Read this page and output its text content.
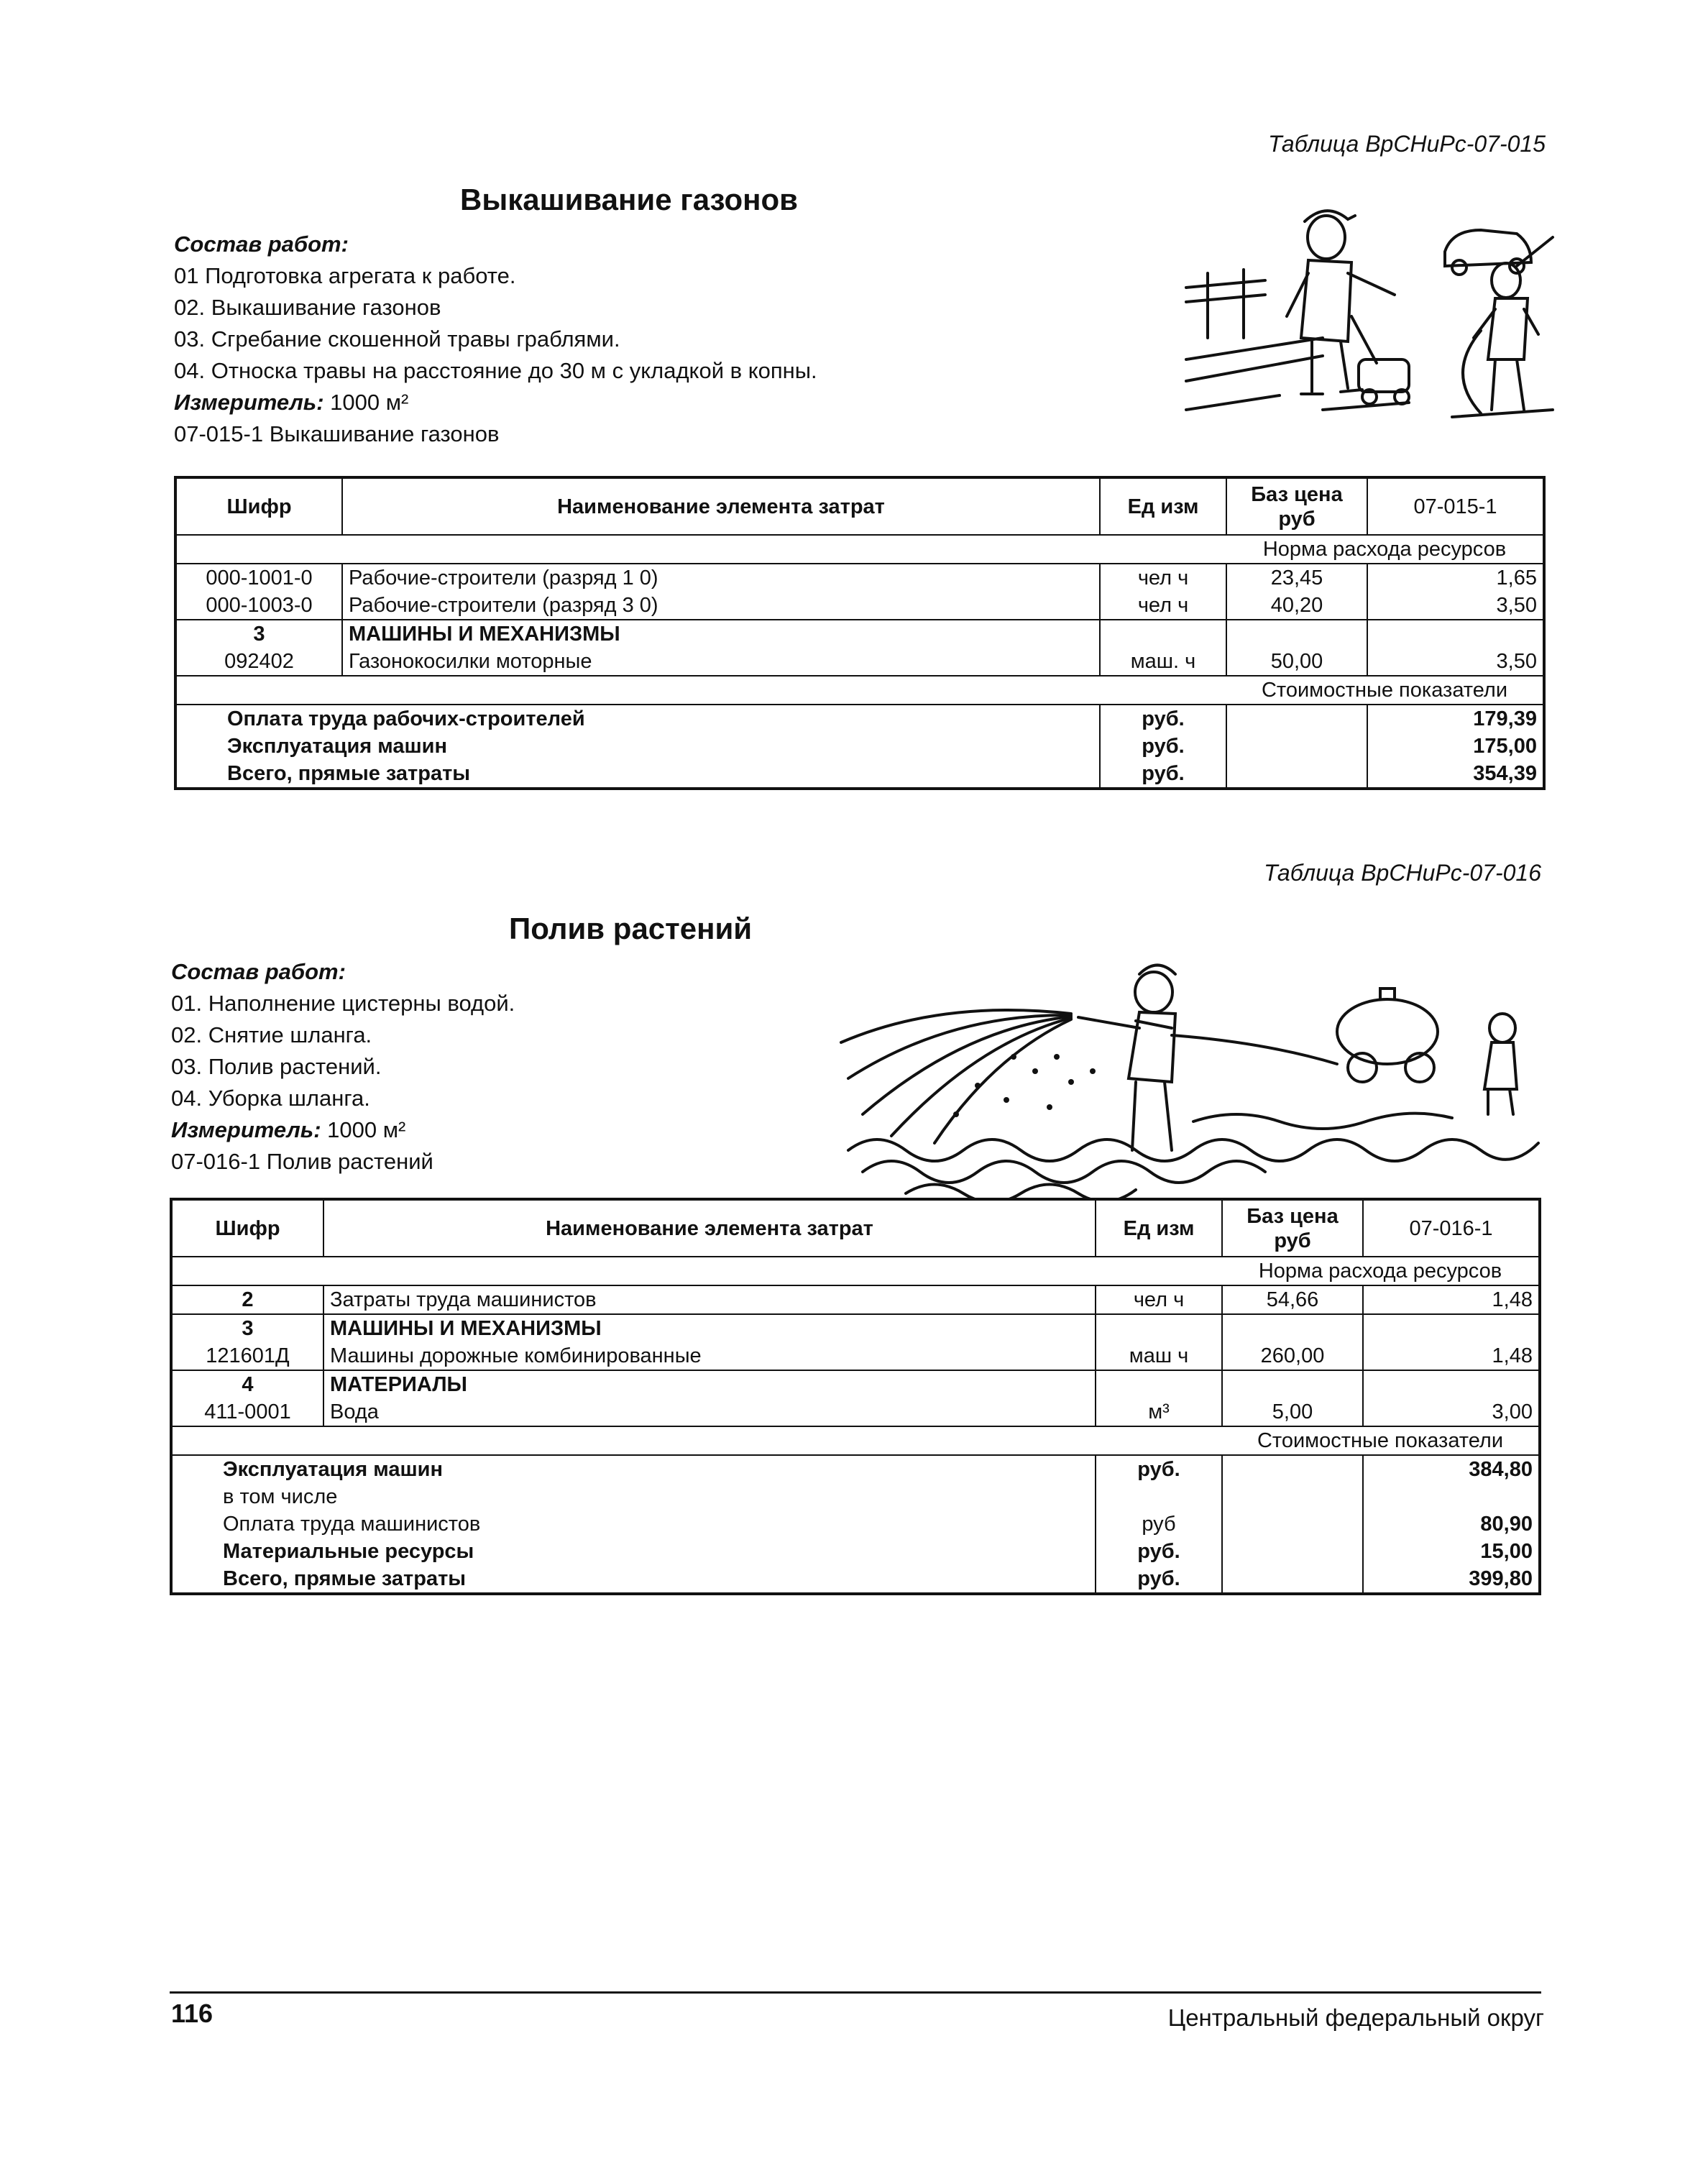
Таблица ВрСНиРс-07-015
Выкашивание газонов
Состав работ:
01 Подготовка агрегата к работе.
02. Выкашивание газонов
03. Сгребание скошенной травы граблями.
04. Относка травы на расстояние до 30 м с укладкой в копны.
Измеритель: 1000 м²
07-015-1 Выкашивание газонов
Шифр	Наименование элемента затрат	Ед изм	Баз цена руб	07-015-1
			Норма расхода ресурсов	
000-1001-0	Рабочие-строители (разряд 1 0)	чел ч	23,45	1,65
000-1003-0	Рабочие-строители (разряд 3 0)	чел ч	40,20	3,50
3	МАШИНЫ И МЕХАНИЗМЫ			
092402	Газонокосилки моторные	маш. ч	50,00	3,50
			Стоимостные показатели	
Оплата труда рабочих-строителей		руб.		179,39
Эксплуатация машин		руб.		175,00
Всего, прямые затраты		руб.		354,39
Таблица ВрСНиРс-07-016
Полив растений
Состав работ:
01. Наполнение цистерны водой.
02. Снятие шланга.
03. Полив растений.
04. Уборка шланга.
Измеритель: 1000 м²
07-016-1 Полив растений
Шифр	Наименование элемента затрат	Ед изм	Баз цена руб	07-016-1
			Норма расхода ресурсов	
2	Затраты труда машинистов	чел ч	54,66	1,48
3	МАШИНЫ И МЕХАНИЗМЫ			
121601Д	Машины дорожные комбинированные	маш ч	260,00	1,48
4	МАТЕРИАЛЫ			
411-0001	Вода	м³	5,00	3,00
			Стоимостные показатели	
Эксплуатация машин		руб.		384,80
в том числе				
Оплата труда машинистов		руб		80,90
Материальные ресурсы		руб.		15,00
Всего, прямые затраты		руб.		399,80
116	Центральный федеральный округ
